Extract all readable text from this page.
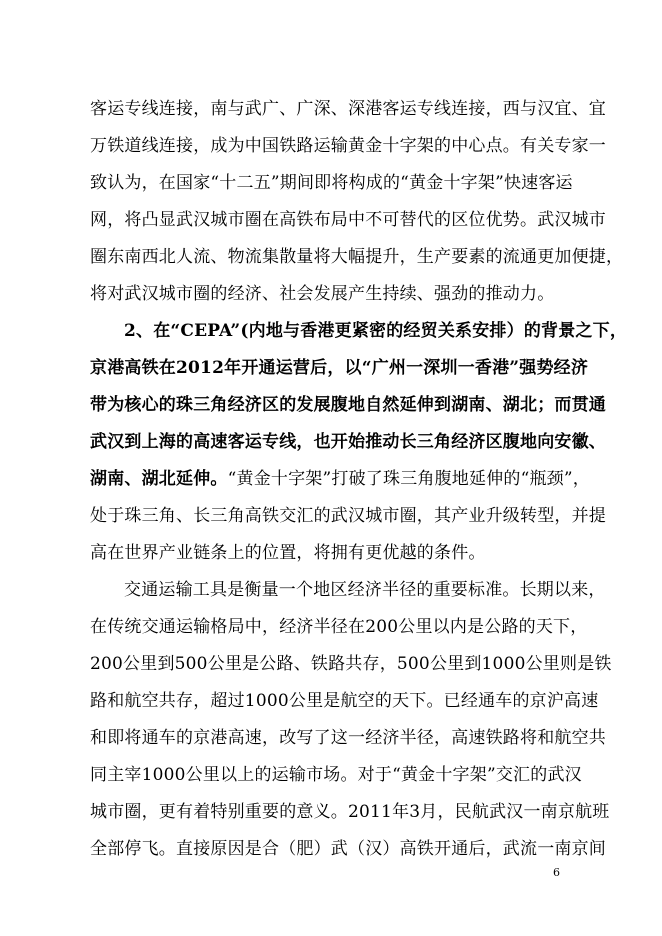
客运专线连接，南与武广、广深、深港客运专线连接，西与汉宜、宜
万铁道线连接，成为中国铁路运输黄金十字架的中心点。有关专家一
致认为，在国家“十二五”期间即将构成的“黄金十字架”快速客运
网，将凸显武汉城市圈在高铁布局中不可替代的区位优势。武汉城市
圈东南西北人流、物流集散量将大幅提升，生产要素的流通更加便捷，
将对武汉城市圈的经济、社会发展产生持续、强劲的推动力。
2、在“CEPA”(内地与香港更紧密的经贸关系安排）的背景之下，
京港高铁在2012年开通运营后，以“广州一深圳一香港”强势经济
带为核心的珠三角经济区的发展腹地自然延伸到湖南、湖北；而贯通
武汉到上海的高速客运专线，也开始推动长三角经济区腹地向安徽、
湖南、湖北延伸。“黄金十字架”打破了珠三角腹地延伸的“瓶颈”，
处于珠三角、长三角高铁交汇的武汉城市圈，其产业升级转型，并提
高在世界产业链条上的位置，将拥有更优越的条件。
交通运输工具是衡量一个地区经济半径的重要标准。长期以来，
在传统交通运输格局中，经济半径在200公里以内是公路的天下，
200公里到500公里是公路、铁路共存，500公里到1000公里则是铁
路和航空共存，超过1000公里是航空的天下。已经通车的京沪高速
和即将通车的京港高速，改写了这一经济半径，高速铁路将和航空共
同主宰1000公里以上的运输市场。对于“黄金十字架”交汇的武汉
城市圈，更有着特别重要的意义。2011年3月，民航武汉一南京航班
全部停飞。直接原因是合（肥）武（汉）高铁开通后，武流一南京间
6
